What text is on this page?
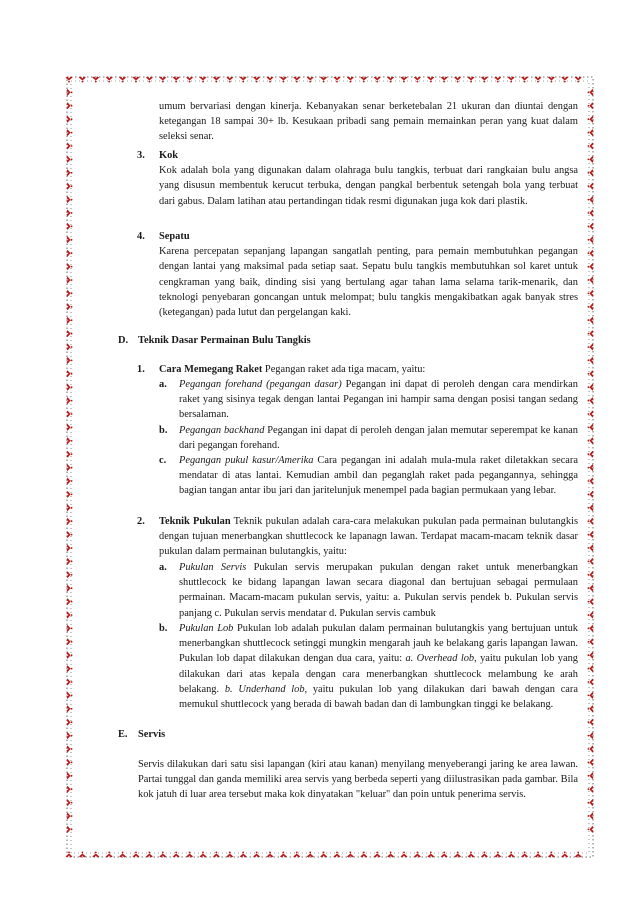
umum bervariasi dengan kinerja. Kebanyakan senar berketebalan 21 ukuran dan diuntai dengan ketegangan 18 sampai 30+ lb. Kesukaan pribadi sang pemain memainkan peran yang kuat dalam seleksi senar.

3. Kok

Kok adalah bola yang digunakan dalam olahraga bulu tangkis, terbuat dari rangkaian bulu angsa yang disusun membentuk kerucut terbuka, dengan pangkal berbentuk setengah bola yang terbuat dari gabus. Dalam latihan atau pertandingan tidak resmi digunakan juga kok dari plastik.

4. Sepatu

Karena percepatan sepanjang lapangan sangatlah penting, para pemain membutuhkan pegangan dengan lantai yang maksimal pada setiap saat. Sepatu bulu tangkis membutuhkan sol karet untuk cengkraman yang baik, dinding sisi yang bertulang agar tahan lama selama tarik-menarik, dan teknologi penyebaran goncangan untuk melompat; bulu tangkis mengakibatkan agak banyak stres (ketegangan) pada lutut dan pergelangan kaki.

D. Teknik Dasar Permainan Bulu Tangkis
1. Cara Memegang Raket Pegangan raket ada tiga macam, yaitu:

a. Pegangan forehand (pegangan dasar) Pegangan ini dapat di peroleh dengan cara mendirkan raket yang sisinya tegak dengan lantai Pegangan ini hampir sama dengan posisi tangan sedang bersalaman.
b. Pegangan backhand Pegangan ini dapat di peroleh dengan jalan memutar seperempat ke kanan dari pegangan forehand.
c. Pegangan pukul kasur/Amerika Cara pegangan ini adalah mula-mula raket diletakkan secara mendatar di atas lantai. Kemudian ambil dan peganglah raket pada pegangannya, sehingga bagian tangan antar ibu jari dan jaritelunjuk menempel pada bagian permukaan yang lebar.
2. Teknik Pukulan Teknik pukulan adalah cara-cara melakukan pukulan pada permainan bulutangkis dengan tujuan menerbangkan shuttlecock ke lapanagn lawan. Terdapat macam-macam teknik dasar pukulan dalam permainan bulutangkis, yaitu:

a. Pukulan Servis Pukulan servis merupakan pukulan dengan raket untuk menerbangkan shuttlecock ke bidang lapangan lawan secara diagonal dan bertujuan sebagai permulaan permainan. Macam-macam pukulan servis, yaitu: a. Pukulan servis pendek b. Pukulan servis panjang c. Pukulan servis mendatar d. Pukulan servis cambuk
b. Pukulan Lob Pukulan lob adalah pukulan dalam permainan bulutangkis yang bertujuan untuk menerbangkan shuttlecock setinggi mungkin mengarah jauh ke belakang garis lapangan lawan. Pukulan lob dapat dilakukan dengan dua cara, yaitu: a. Overhead lob, yaitu pukulan lob yang dilakukan dari atas kepala dengan cara menerbangkan shuttlecock melambung ke arah belakang. b. Underhand lob, yaitu pukulan lob yang dilakukan dari bawah dengan cara memukul shuttlecock yang berada di bawah badan dan di lambungkan tinggi ke belakang.
E. Servis

Servis dilakukan dari satu sisi lapangan (kiri atau kanan) menyilang menyeberangi jaring ke area lawan. Partai tunggal dan ganda memiliki area servis yang berbeda seperti yang diilustrasikan pada gambar. Bila kok jatuh di luar area tersebut maka kok dinyatakan "keluar" dan poin untuk penerima servis.
